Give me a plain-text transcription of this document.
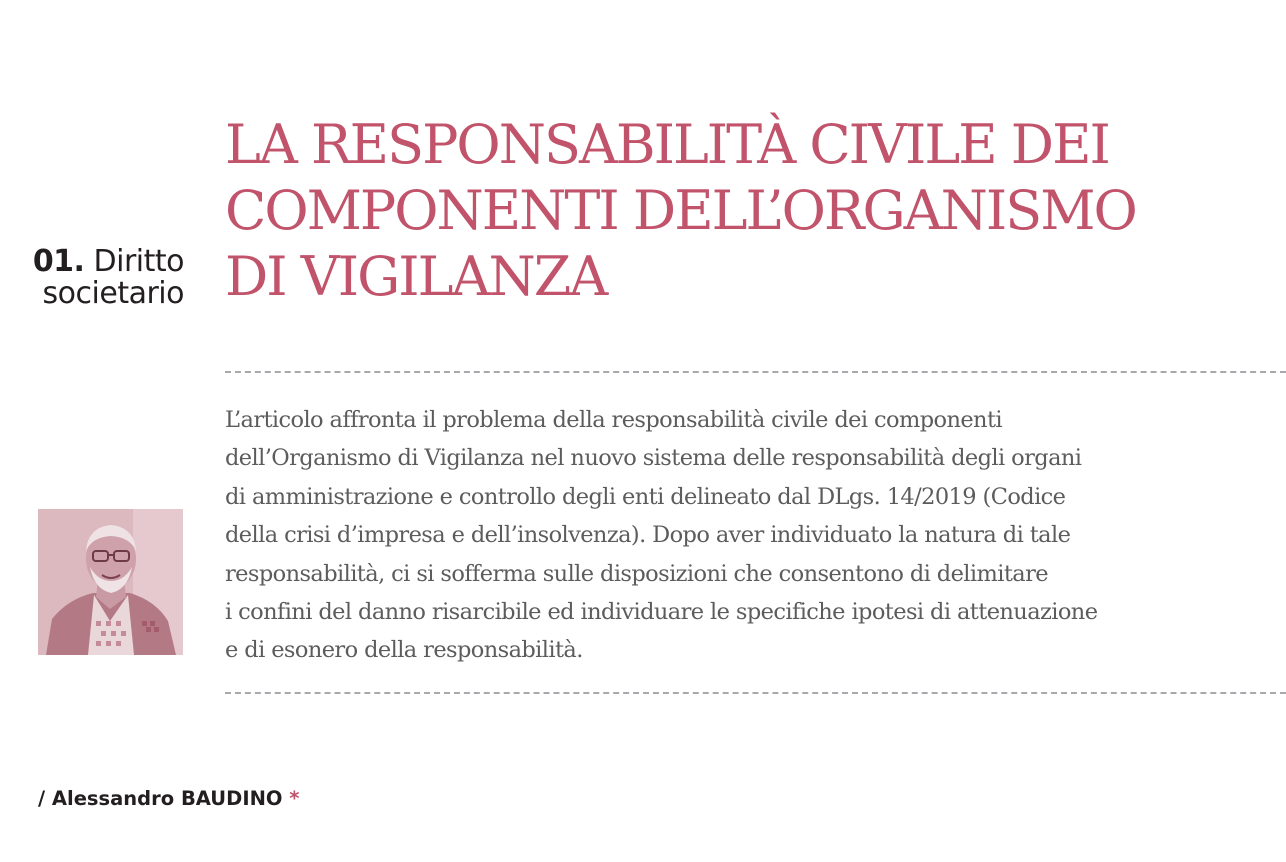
01. Diritto
societario
LA RESPONSABILITÀ CIVILE DEI
COMPONENTI DELL’ORGANISMO
DI VIGILANZA

L’articolo affronta il problema della responsabilità civile dei componenti
dell’Organismo di Vigilanza nel nuovo sistema delle responsabilità degli organi
di amministrazione e controllo degli enti delineato dal DLgs. 14/2019 (Codice
della crisi d’impresa e dell’insolvenza). Dopo aver individuato la natura di tale
responsabilità, ci si sofferma sulle disposizioni che consentono di delimitare
i confini del danno risarcibile ed individuare le specifiche ipotesi di attenuazione
e di esonero della responsabilità.

/ Alessandro BAUDINO *
